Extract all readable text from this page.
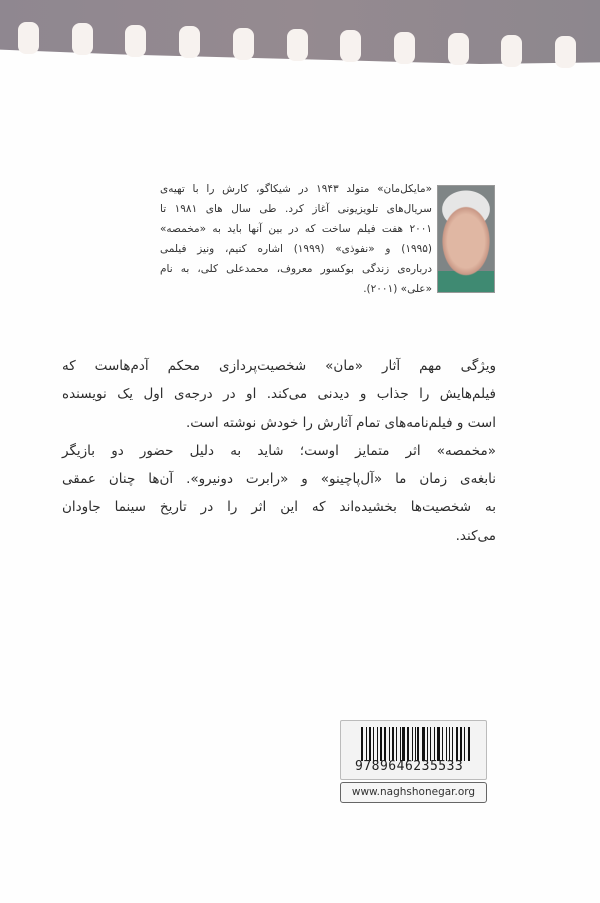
«مایکل‌مان» متولد ۱۹۴۳ در شیکاگو، کارش را با تهیه‌ی
سریال‌های تلویزیونی آغاز کرد. طی سال های ۱۹۸۱ تا
۲۰۰۱ هفت فیلم ساخت که در بین آنها باید به «مخمصه»
(۱۹۹۵) و «نفوذی» (۱۹۹۹) اشاره کنیم، ونیز فیلمی
درباره‌ی زندگی بوکسور معروف، محمدعلی کلی، به نام
«علی» (۲۰۰۱).
ویژگی مهم آثار «مان» شخصیت‌پردازی محکم آدم‌هاست که
فیلم‌هایش را جذاب و دیدنی می‌کند. او در درجه‌ی اول یک نویسنده
است و فیلم‌نامه‌های تمام آثارش را خودش نوشته است.
«مخمصه» اثر متمایز اوست؛ شاید به دلیل حضور دو بازیگر
نابغه‌ی زمان ما «آل‌پاچینو» و «رابرت دونیرو». آن‌ها چنان عمقی
به شخصیت‌ها بخشیده‌اند که این اثر را در تاریخ سینما جاودان
می‌کند.
9789646235533
www.naghshonegar.org
